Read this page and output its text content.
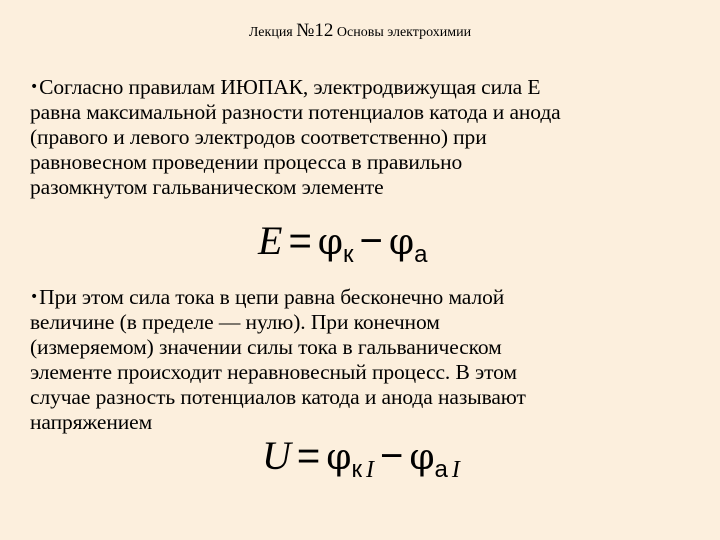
Лекция №12 Основы электрохимии
•Согласно правилам ИЮПАК, электродвижущая сила E
равна максимальной разности потенциалов катода и анода
(правого и левого электродов соответственно) при
равновесном проведении процесса в правильно
разомкнутом гальваническом элементе
$E = \varphi_к - \varphi_а$
•При этом сила тока в цепи равна бесконечно малой
величине (в пределе — нулю). При конечном
(измеряемом) значении силы тока в гальваническом
элементе происходит неравновесный процесс. В этом
случае разность потенциалов катода и анода называют
напряжением
$U = \varphi_{к I} - \varphi_{а I}$
